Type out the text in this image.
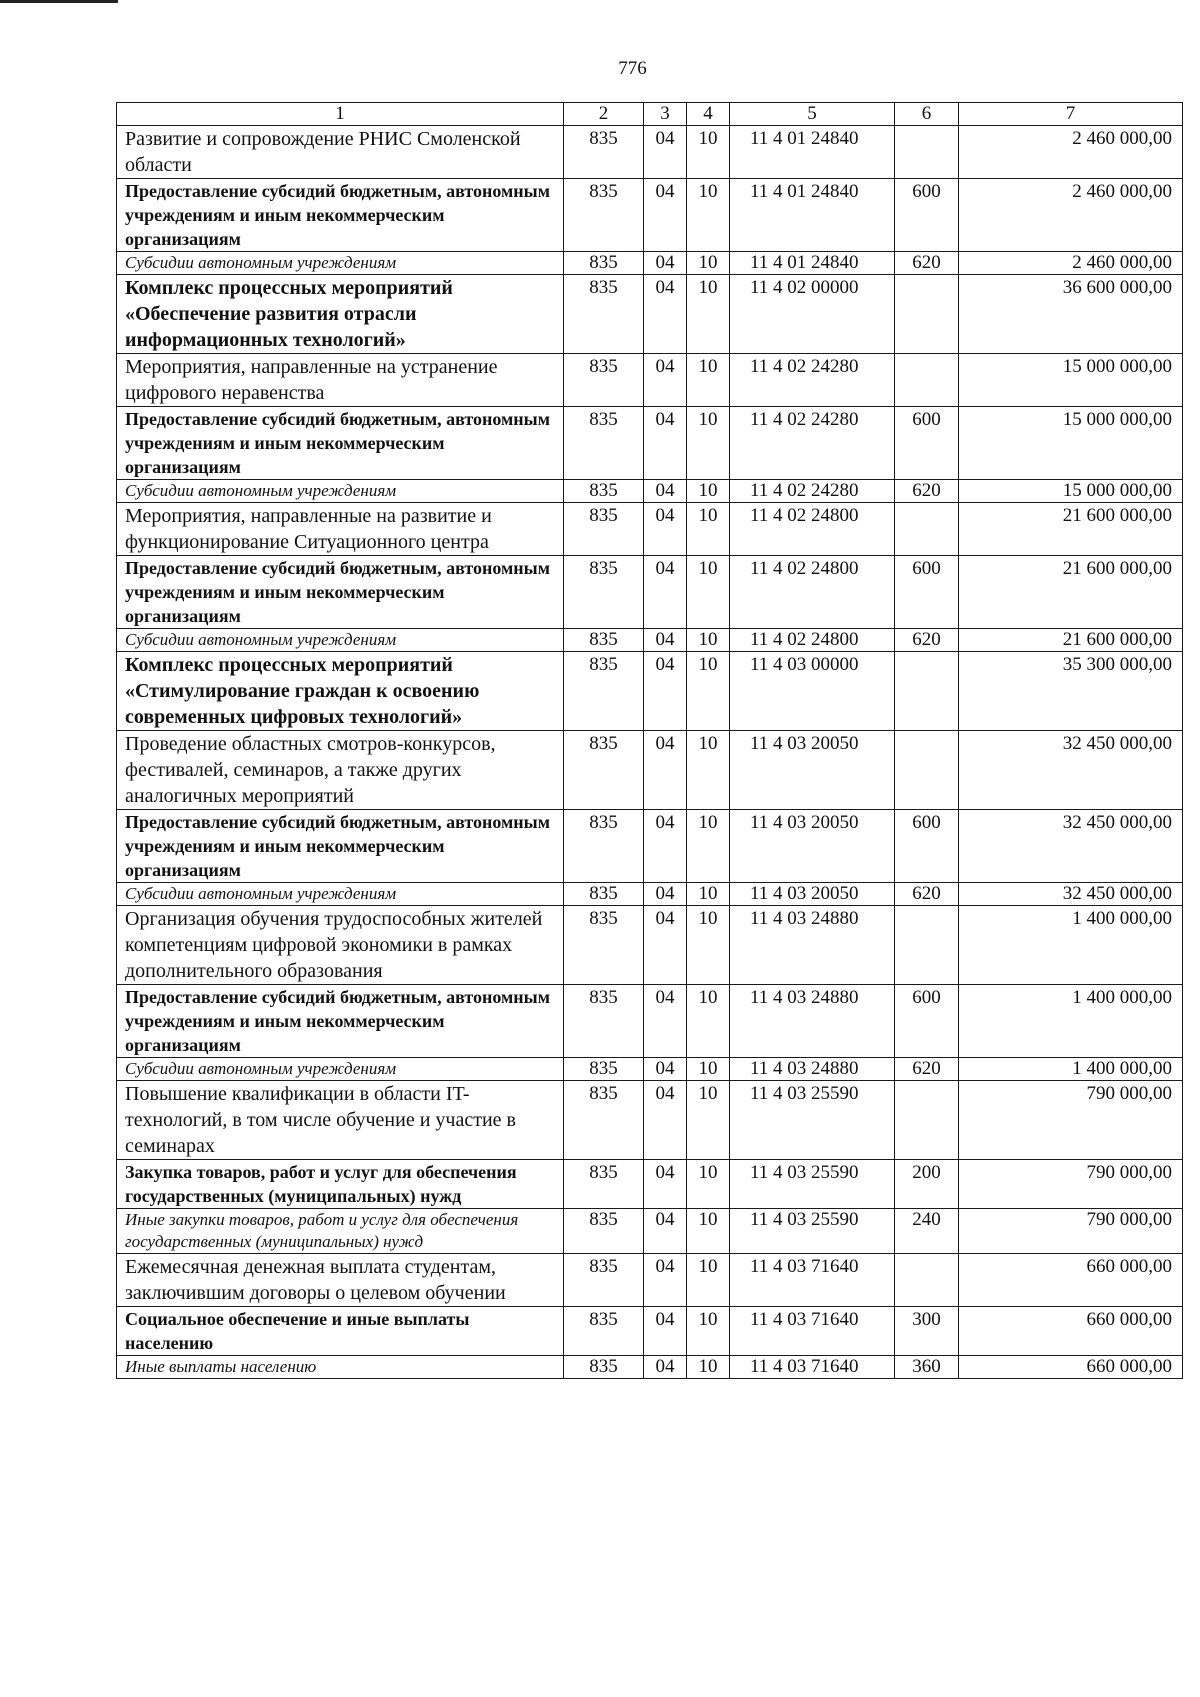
776
1	2	3	4	5	6	7
Развитие и сопровождение РНИС Смоленской области	835	04	10	11 4 01 24840		2 460 000,00
Предоставление субсидий бюджетным, автономным учреждениям и иным некоммерческим организациям	835	04	10	11 4 01 24840	600	2 460 000,00
Субсидии автономным учреждениям	835	04	10	11 4 01 24840	620	2 460 000,00
Комплекс процессных мероприятий «Обеспечение развития отрасли информационных технологий»	835	04	10	11 4 02 00000		36 600 000,00
Мероприятия, направленные на устранение цифрового неравенства	835	04	10	11 4 02 24280		15 000 000,00
Предоставление субсидий бюджетным, автономным учреждениям и иным некоммерческим организациям	835	04	10	11 4 02 24280	600	15 000 000,00
Субсидии автономным учреждениям	835	04	10	11 4 02 24280	620	15 000 000,00
Мероприятия, направленные на развитие и функционирование Ситуационного центра	835	04	10	11 4 02 24800		21 600 000,00
Предоставление субсидий бюджетным, автономным учреждениям и иным некоммерческим организациям	835	04	10	11 4 02 24800	600	21 600 000,00
Субсидии автономным учреждениям	835	04	10	11 4 02 24800	620	21 600 000,00
Комплекс процессных мероприятий «Стимулирование граждан к освоению современных цифровых технологий»	835	04	10	11 4 03 00000		35 300 000,00
Проведение областных смотров-конкурсов, фестивалей, семинаров, а также других аналогичных мероприятий	835	04	10	11 4 03 20050		32 450 000,00
Предоставление субсидий бюджетным, автономным учреждениям и иным некоммерческим организациям	835	04	10	11 4 03 20050	600	32 450 000,00
Субсидии автономным учреждениям	835	04	10	11 4 03 20050	620	32 450 000,00
Организация обучения трудоспособных жителей компетенциям цифровой экономики в рамках дополнительного образования	835	04	10	11 4 03 24880		1 400 000,00
Предоставление субсидий бюджетным, автономным учреждениям и иным некоммерческим организациям	835	04	10	11 4 03 24880	600	1 400 000,00
Субсидии автономным учреждениям	835	04	10	11 4 03 24880	620	1 400 000,00
Повышение квалификации в области IT-технологий, в том числе обучение и участие в семинарах	835	04	10	11 4 03 25590		790 000,00
Закупка товаров, работ и услуг для обеспечения государственных (муниципальных) нужд	835	04	10	11 4 03 25590	200	790 000,00
Иные закупки товаров, работ и услуг для обеспечения государственных (муниципальных) нужд	835	04	10	11 4 03 25590	240	790 000,00
Ежемесячная денежная выплата студентам, заключившим договоры о целевом обучении	835	04	10	11 4 03 71640		660 000,00
Социальное обеспечение и иные выплаты населению	835	04	10	11 4 03 71640	300	660 000,00
Иные выплаты населению	835	04	10	11 4 03 71640	360	660 000,00
